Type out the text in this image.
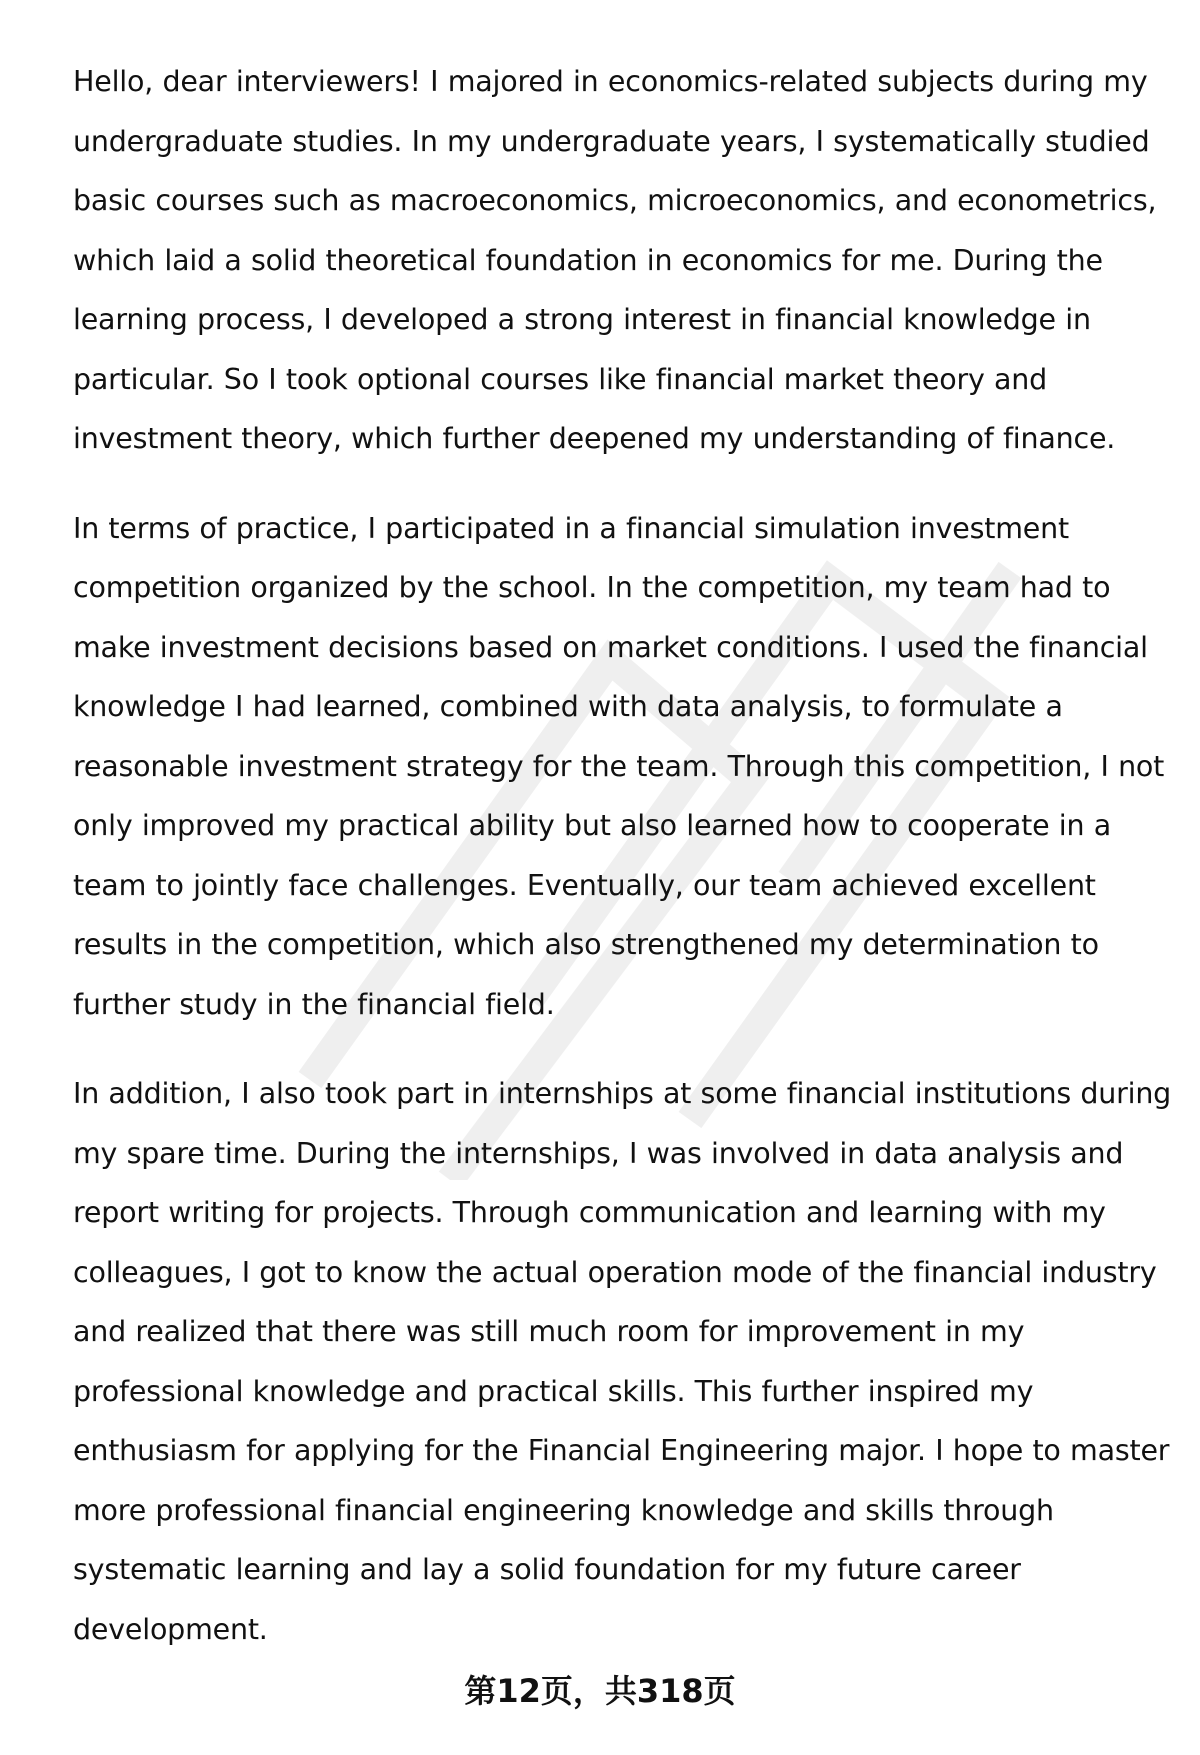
Hello, dear interviewers! I majored in economics-related subjects during my undergraduate studies. In my undergraduate years, I systematically studied basic courses such as macroeconomics, microeconomics, and econometrics, which laid a solid theoretical foundation in economics for me. During the learning process, I developed a strong interest in financial knowledge in particular. So I took optional courses like financial market theory and investment theory, which further deepened my understanding of finance.

In terms of practice, I participated in a financial simulation investment competition organized by the school. In the competition, my team had to make investment decisions based on market conditions. I used the financial knowledge I had learned, combined with data analysis, to formulate a reasonable investment strategy for the team. Through this competition, I not only improved my practical ability but also learned how to cooperate in a team to jointly face challenges. Eventually, our team achieved excellent results in the competition, which also strengthened my determination to further study in the financial field.

In addition, I also took part in internships at some financial institutions during my spare time. During the internships, I was involved in data analysis and report writing for projects. Through communication and learning with my colleagues, I got to know the actual operation mode of the financial industry and realized that there was still much room for improvement in my professional knowledge and practical skills. This further inspired my enthusiasm for applying for the Financial Engineering major. I hope to master more professional financial engineering knowledge and skills through systematic learning and lay a solid foundation for my future career development.

第12页，共318页
